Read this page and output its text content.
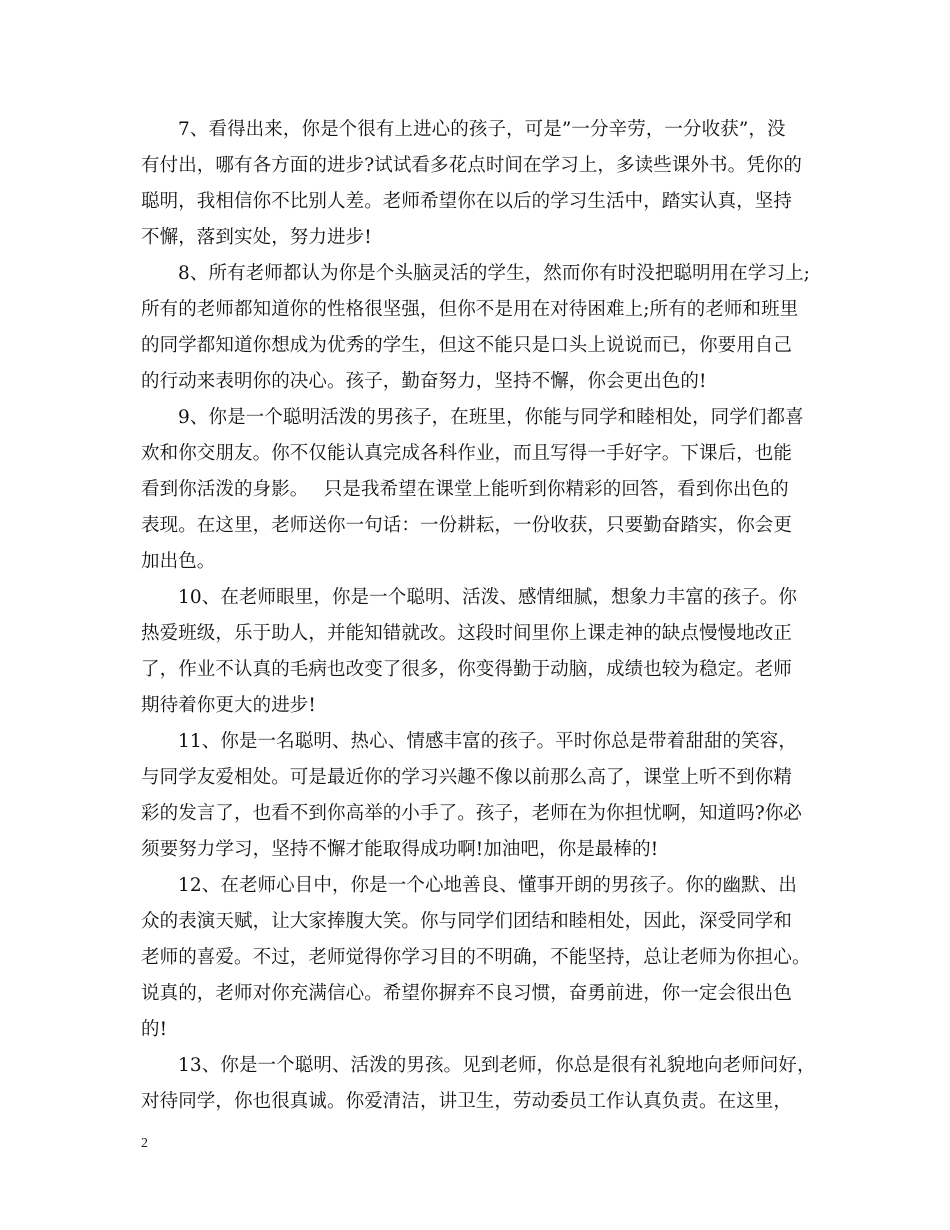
7、看得出来，你是个很有上进心的孩子，可是”一分辛劳，一分收获”，没
有付出，哪有各方面的进步?试试看多花点时间在学习上，多读些课外书。凭你的
聪明，我相信你不比别人差。老师希望你在以后的学习生活中，踏实认真，坚持
不懈，落到实处，努力进步!

8、所有老师都认为你是个头脑灵活的学生，然而你有时没把聪明用在学习上;
所有的老师都知道你的性格很坚强，但你不是用在对待困难上;所有的老师和班里
的同学都知道你想成为优秀的学生，但这不能只是口头上说说而已，你要用自己
的行动来表明你的决心。孩子，勤奋努力，坚持不懈，你会更出色的!

9、你是一个聪明活泼的男孩子，在班里，你能与同学和睦相处，同学们都喜
欢和你交朋友。你不仅能认真完成各科作业，而且写得一手好字。下课后，也能
看到你活泼的身影。　 只是我希望在课堂上能听到你精彩的回答，看到你出色的
表现。在这里，老师送你一句话：一份耕耘，一份收获，只要勤奋踏实，你会更
加出色。

10、在老师眼里，你是一个聪明、活泼、感情细腻，想象力丰富的孩子。你
热爱班级，乐于助人，并能知错就改。这段时间里你上课走神的缺点慢慢地改正
了，作业不认真的毛病也改变了很多，你变得勤于动脑，成绩也较为稳定。老师
期待着你更大的进步!

11、你是一名聪明、热心、情感丰富的孩子。平时你总是带着甜甜的笑容，
与同学友爱相处。可是最近你的学习兴趣不像以前那么高了，课堂上听不到你精
彩的发言了，也看不到你高举的小手了。孩子，老师在为你担忧啊，知道吗?你必
须要努力学习，坚持不懈才能取得成功啊!加油吧，你是最棒的!

12、在老师心目中，你是一个心地善良、懂事开朗的男孩子。你的幽默、出
众的表演天赋，让大家捧腹大笑。你与同学们团结和睦相处，因此，深受同学和
老师的喜爱。不过，老师觉得你学习目的不明确，不能坚持，总让老师为你担心。
说真的，老师对你充满信心。希望你摒弃不良习惯，奋勇前进，你一定会很出色
的!

13、你是一个聪明、活泼的男孩。见到老师，你总是很有礼貌地向老师问好，
对待同学，你也很真诚。你爱清洁，讲卫生，劳动委员工作认真负责。在这里，

2
